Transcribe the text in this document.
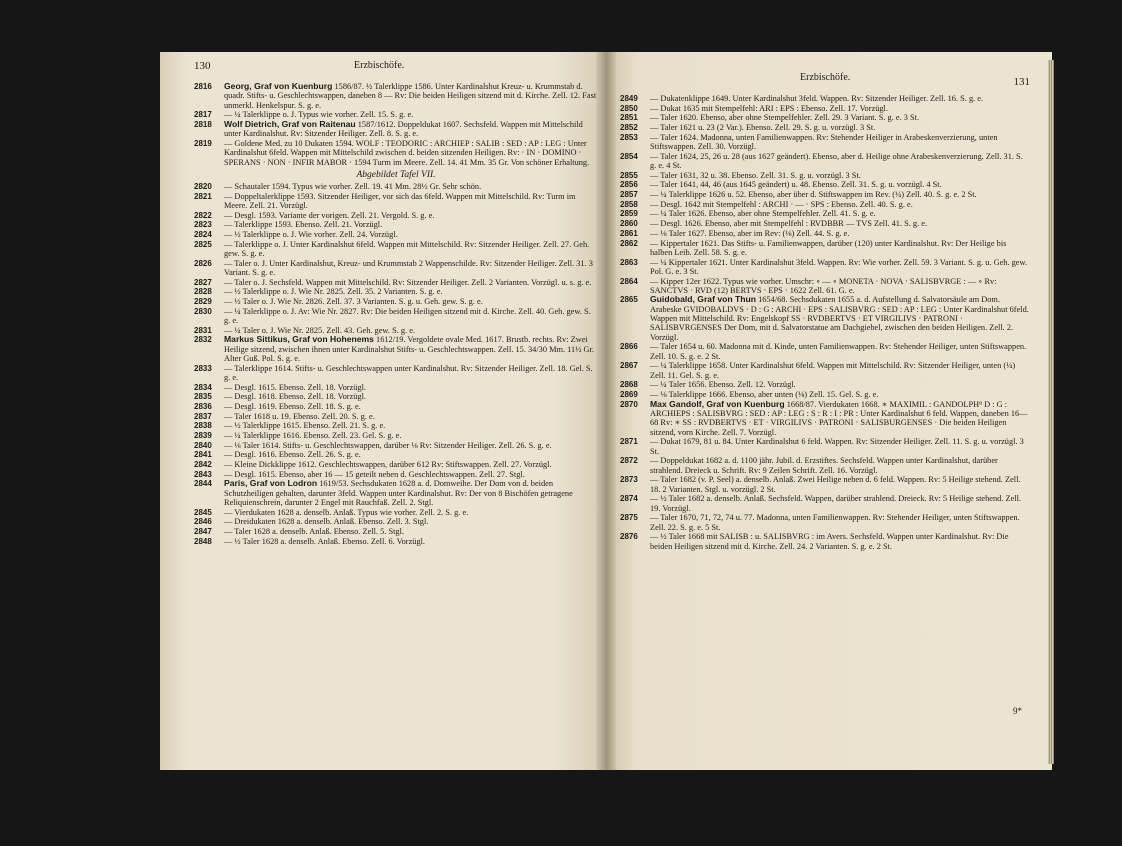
130	Erzbischöfe.
2816	Georg, Graf von Kuenburg 1586/87. ½ Talerklippe 1586. Unter Kardinalshut Kreuz- u. Krummstab d. quadr. Stifts- u. Geschlechtswappen, daneben 8 — Rv: Die beiden Heiligen sitzend mit d. Kirche. Zell. 12. Fast unmerkl. Henkelspur. S. g. e.
2817	— ¼ Talerklippe o. J. Typus wie vorher. Zell. 15. S. g. e.
2818	Wolf Dietrich, Graf von Raitenau 1587/1612. Doppeldukat 1607. Sechsfeld. Wappen mit Mittelschild unter Kardinalshut. Rv: Sitzender Heiliger. Zell. 8. S. g. e.
2819	— Goldene Med. zu 10 Dukaten 1594. WOLF : TEODORIC : ARCHIEP : SALIB : SED : AP : LEG : Unter Kardinalshut 6feld. Wappen mit Mittelschild zwischen d. beiden sitzenden Heiligen. Rv: · IN · DOMINO · SPERANS · NON · INFIR MABOR · 1594 Turm im Meere. Zell. 14. 41 Mm. 35 Gr. Von schöner Erhaltung.
Abgebildet Tafel VII.
2820	— Schautaler 1594. Typus wie vorher. Zell. 19. 41 Mm. 28½ Gr. Sehr schön.
2821	— Doppeltalerklippe 1593. Sitzender Heiliger, vor sich das 6feld. Wappen mit Mittelschild. Rv: Turm im Meere. Zell. 21. Vorzügl.
2822	— Desgl. 1593. Variante der vorigen. Zell. 21. Vergold. S. g. e.
2823	— Talerklippe 1593. Ebenso. Zell. 21. Vorzügl.
2824	— ½ Talerklippe o. J. Wie vorher. Zell. 24. Vorzügl.
2825	— Talerklippe o. J. Unter Kardinalshut 6feld. Wappen mit Mittelschild. Rv: Sitzender Heiliger. Zell. 27. Geh. gew. S. g. e.
2826	— Taler o. J. Unter Kardinalshut, Kreuz- und Krummstab 2 Wappenschilde. Rv: Sitzender Heiliger. Zell. 31. 3 Variant. S. g. e.
2827	— Taler o. J. Sechsfeld. Wappen mit Mittelschild. Rv: Sitzender Heiliger. Zell. 2 Varianten. Vorzügl. u. s. g. e.
2828	— ½ Talerklippe o. J. Wie Nr. 2825. Zell. 35. 2 Varianten. S. g. e.
2829	— ½ Taler o. J. Wie Nr. 2826. Zell. 37. 3 Varianten. S. g. u. Geh. gew. S. g. e.
2830	— ¼ Talerklippe o. J. Av: Wie Nr. 2827. Rv: Die beiden Heiligen sitzend mit d. Kirche. Zell. 40. Geh. gew. S. g. e.
2831	— ¼ Taler o. J. Wie Nr. 2825. Zell. 43. Geh. gew. S. g. e.
2832	Markus Sittikus, Graf von Hohenems 1612/19. Vergoldete ovale Med. 1617. Brustb. rechts. Rv: Zwei Heilige sitzend, zwischen ihnen unter Kardinalshut Stifts- u. Geschlechtswappen. Zell. 15. 34/30 Mm. 11½ Gr. Alter Guß. Pol. S. g. e.
2833	— Talerklippe 1614. Stifts- u. Geschlechtswappen unter Kardinalshut. Rv: Sitzender Heiliger. Zell. 18. Gel. S. g. e.
2834	— Desgl. 1615. Ebenso. Zell. 18. Vorzügl.
2835	— Desgl. 1618. Ebenso. Zell. 18. Vorzügl.
2836	— Desgl. 1619. Ebenso. Zell. 18. S. g. e.
2837	— Taler 1618 u. 19. Ebenso. Zell. 20. S. g. e.
2838	— ½ Talerklippe 1615. Ebenso. Zell. 21. S. g. e.
2839	— ¼ Talerklippe 1616. Ebenso. Zell. 23. Gel. S. g. e.
2840	— ⅛ Taler 1614. Stifts- u. Geschlechtswappen, darüber ⅛ Rv: Sitzender Heiliger. Zell. 26. S. g. e.
2841	— Desgl. 1616. Ebenso. Zell. 26. S. g. e.
2842	— Kleine Dickklippe 1612. Geschlechtswappen, darüber 612 Rv: Stiftswappen. Zell. 27. Vorzügl.
2843	— Desgl. 1615. Ebenso, aber 16 — 15 geteilt neben d. Geschlechtswappen. Zell. 27. Stgl.
2844	Paris, Graf von Lodron 1619/53. Sechsdukaten 1628 a. d. Domweihe. Der Dom von d. beiden Schutzheiligen gehalten, darunter 3feld. Wappen unter Kardinalshut. Rv: Der von 8 Bischöfen getragene Reliquienschrein, darunter 2 Engel mit Rauchfaß. Zell. 2. Stgl.
2845	— Vierdukaten 1628 a. denselb. Anlaß. Typus wie vorher. Zell. 2. S. g. e.
2846	— Dreidukaten 1628 a. denselb. Anlaß. Ebenso. Zell. 3. Stgl.
2847	— Taler 1628 a. denselb. Anlaß. Ebenso. Zell. 5. Stgl.
2848	— ½ Taler 1628 a. denselb. Anlaß. Ebenso. Zell. 6. Vorzügl.
Erzbischöfe.	131
2849	— Dukatenklippe 1649. Unter Kardinalshut 3feld. Wappen. Rv: Sitzender Heiliger. Zell. 16. S. g. e.
2850	— Dukat 1635 mit Stempelfehl: ARI : EPS : Ebenso. Zell. 17. Vorzügl.
2851	— Taler 1620. Ebenso, aber ohne Stempelfehler. Zell. 29. 3 Variant. S. g. e. 3 St.
2852	— Taler 1621 u. 23 (2 Var.). Ebenso. Zell. 29. S. g. u. vorzügl. 3 St.
2853	— Taler 1624. Madonna, unten Familienwappen. Rv: Stehender Heiliger in Arabeskenverzierung, unten Stiftswappen. Zell. 30. Vorzügl.
2854	— Taler 1624, 25, 26 u. 28 (aus 1627 geändert). Ebenso, aber d. Heilige ohne Arabeskenverzierung. Zell. 31. S. g. e. 4 St.
2855	— Taler 1631, 32 u. 38. Ebenso. Zell. 31. S. g. u. vorzügl. 3 St.
2856	— Taler 1641, 44, 46 (aus 1645 geändert) u. 48. Ebenso. Zell. 31. S. g. u. vorzügl. 4 St.
2857	— ¼ Talerklippe 1626 u. 52. Ebenso, aber über d. Stiftswappen im Rev. (¼) Zell. 40. S. g. e. 2 St.
2858	— Desgl. 1642 mit Stempelfehl : ARCHI · — · SPS : Ebenso. Zell. 40. S. g. e.
2859	— ¼ Taler 1626. Ebenso, aber ohne Stempelfehler. Zell. 41. S. g. e.
2860	— Desgl. 1626. Ebenso, aber mit Stempelfehl : RVDBBR — TVS Zell. 41. S. g. e.
2861	— ⅛ Taler 1627. Ebenso, aber im Rev: (⅛) Zell. 44. S. g. e.
2862	— Kippertaler 1621. Das Stifts- u. Familienwappen, darüber (120) unter Kardinalshut. Rv: Der Heilige bis halben Leib. Zell. 58. S. g. e.
2863	— ¼ Kippertaler 1621. Unter Kardinalshut 3feld. Wappen. Rv: Wie vorher. Zell. 59. 3 Variant. S. g. u. Geh. gew. Pol. G. e. 3 St.
2864	— Kipper 12er 1622. Typus wie vorher. Umschr: ∘ — ∘ MONETA · NOVA · SALISBVRGE : — ∘ Rv: SANCTVS · RVD (12) BERTVS · EPS · 1622 Zell. 61. G. e.
2865	Guidobald, Graf von Thun 1654/68. Sechsdukaten 1655 a. d. Aufstellung d. Salvatorsäule am Dom. Arabeske GVIDOBALDVS · D : G : ARCHI · EPS : SALISBVRG : SED : AP : LEG : Unter Kardinalshut 6feld. Wappen mit Mittelschild. Rv: Engelskopf SS · RVDBERTVS · ET VIRGILIVS · PATRONI · SALISBVRGENSES Der Dom, mit d. Salvatorstatue am Dachgiebel, zwischen den beiden Heiligen. Zell. 2. Vorzügl.
2866	— Taler 1654 u. 60. Madonna mit d. Kinde, unten Familienwappen. Rv: Stehender Heiliger, unten Stiftswappen. Zell. 10. S. g. e. 2 St.
2867	— ¼ Talerklippe 1658. Unter Kardinalshut 6feld. Wappen mit Mittelschild. Rv: Sitzender Heiliger, unten (¼) Zell. 11. Gel. S. g. e.
2868	— ¼ Taler 1656. Ebenso. Zell. 12. Vorzügl.
2869	— ⅛ Talerklippe 1666. Ebenso, aber unten (⅛) Zell. 15. Gel. S. g. e.
2870	Max Gandolf, Graf von Kuenburg 1668/87. Vierdukaten 1668. ∗ MAXIMIL : GANDOLPH⁹ D : G : ARCHIEPS : SALISBVRG : SED : AP : LEG : S : R : I : PR : Unter Kardinalshut 6 feld. Wappen, daneben 16—68 Rv: ∗ SS : RVDBERTVS · ET · VIRGILIVS · PATRONI · SALISBURGENSES · Die beiden Heiligen sitzend, vorn Kirche. Zell. 7. Vorzügl.
2871	— Dukat 1679, 81 u. 84. Unter Kardinalshut 6 feld. Wappen. Rv: Sitzender Heiliger. Zell. 11. S. g. u. vorzügl. 3 St.
2872	— Doppeldukat 1682 a. d. 1100 jähr. Jubil. d. Erzstiftes. Sechsfeld. Wappen unter Kardinalshut, darüber strahlend. Dreieck u. Schrift. Rv: 9 Zeilen Schrift. Zell. 16. Vorzügl.
2873	— Taler 1682 (v. P. Seel) a. denselb. Anlaß. Zwei Heilige neben d. 6 feld. Wappen. Rv: 5 Heilige stehend. Zell. 18. 2 Varianten. Stgl. u. vorzügl. 2 St.
2874	— ½ Taler 1682 a. denselb. Anlaß. Sechsfeld. Wappen, darüber strahlend. Dreieck. Rv: 5 Heilige stehend. Zell. 19. Vorzügl.
2875	— Taler 1670, 71, 72, 74 u. 77. Madonna, unten Familienwappen. Rv: Stehender Heiliger, unten Stiftswappen. Zell. 22. S. g. e. 5 St.
2876	— ½ Taler 1668 mit SALISB : u. SALISBVRG : im Avers. Sechsfeld. Wappen unter Kardinalshut. Rv: Die beiden Heiligen sitzend mit d. Kirche. Zell. 24. 2 Varianten. S. g. e. 2 St.
9*
